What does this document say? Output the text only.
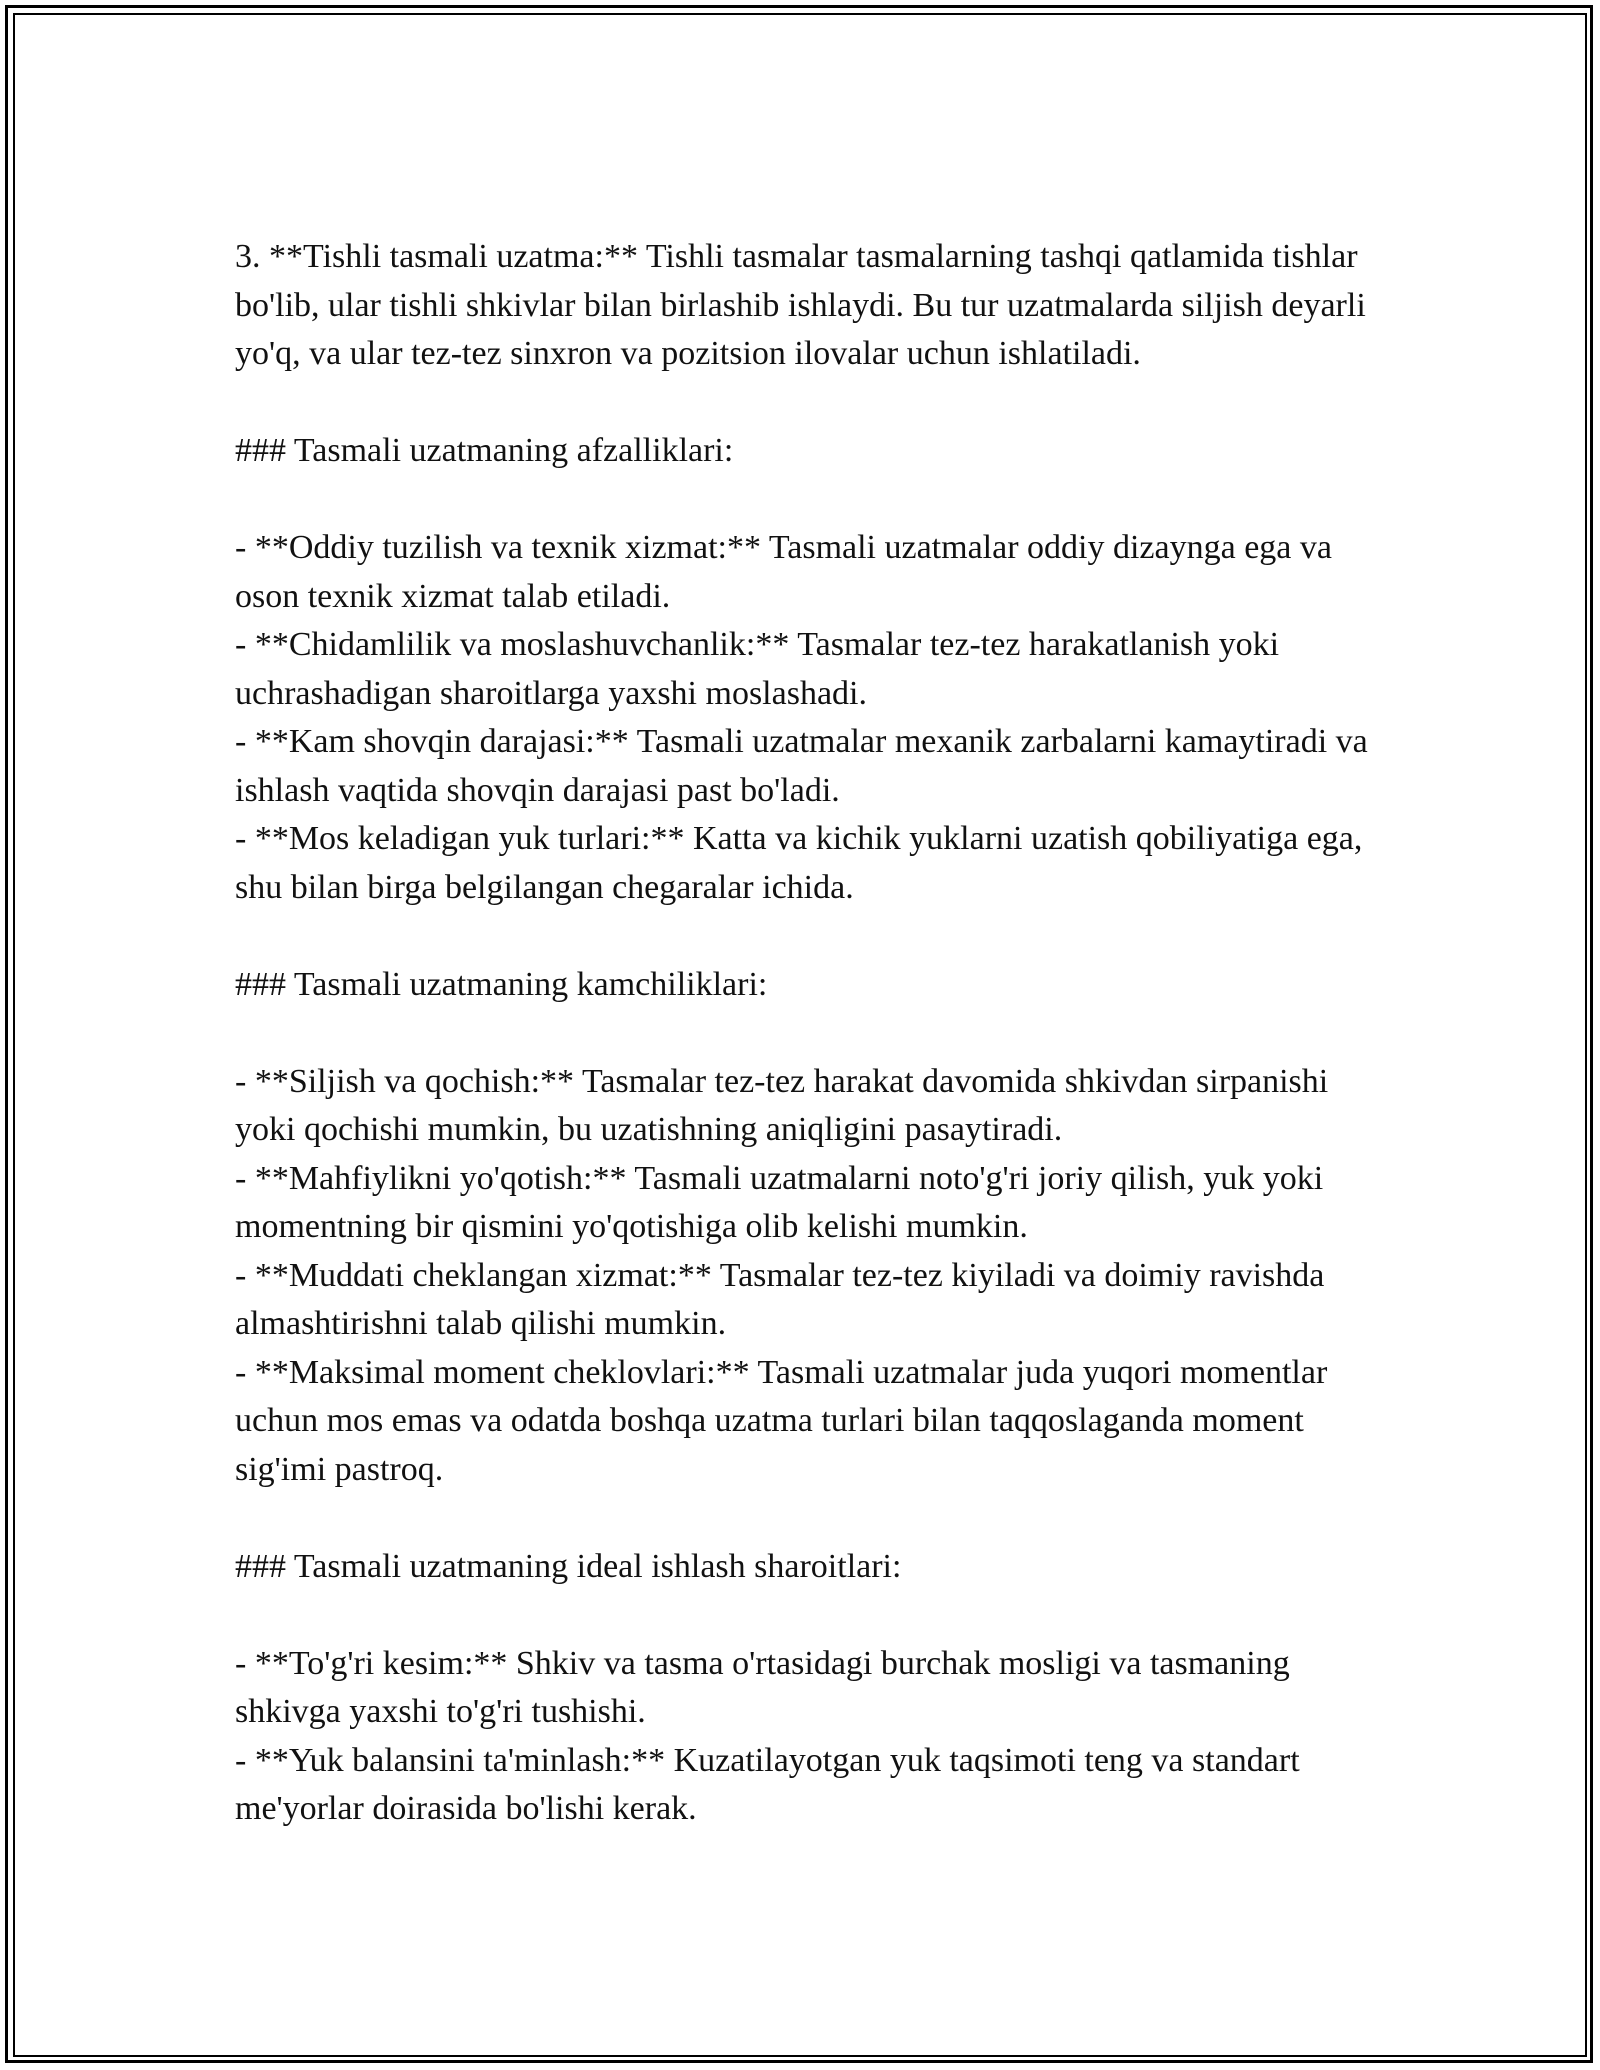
3. **Tishli tasmali uzatma:** Tishli tasmalar tasmalarning tashqi qatlamida tishlar bo'lib, ular tishli shkivlar bilan birlashib ishlaydi. Bu tur uzatmalarda siljish deyarli yo'q, va ular tez-tez sinxron va pozitsion ilovalar uchun ishlatiladi.

### Tasmali uzatmaning afzalliklari:

- **Oddiy tuzilish va texnik xizmat:** Tasmali uzatmalar oddiy dizaynga ega va oson texnik xizmat talab etiladi.

- **Chidamlilik va moslashuvchanlik:** Tasmalar tez-tez harakatlanish yoki uchrashadigan sharoitlarga yaxshi moslashadi.

- **Kam shovqin darajasi:** Tasmali uzatmalar mexanik zarbalarni kamaytiradi va ishlash vaqtida shovqin darajasi past bo'ladi.

- **Mos keladigan yuk turlari:** Katta va kichik yuklarni uzatish qobiliyatiga ega, shu bilan birga belgilangan chegaralar ichida.

### Tasmali uzatmaning kamchiliklari:

- **Siljish va qochish:** Tasmalar tez-tez harakat davomida shkivdan sirpanishi yoki qochishi mumkin, bu uzatishning aniqligini pasaytiradi.

- **Mahfiylikni yo'qotish:** Tasmali uzatmalarni noto'g'ri joriy qilish, yuk yoki momentning bir qismini yo'qotishiga olib kelishi mumkin.

- **Muddati cheklangan xizmat:** Tasmalar tez-tez kiyiladi va doimiy ravishda almashtirishni talab qilishi mumkin.

- **Maksimal moment cheklovlari:** Tasmali uzatmalar juda yuqori momentlar uchun mos emas va odatda boshqa uzatma turlari bilan taqqoslaganda moment sig'imi pastroq.

### Tasmali uzatmaning ideal ishlash sharoitlari:

- **To'g'ri kesim:** Shkiv va tasma o'rtasidagi burchak mosligi va tasmaning shkivga yaxshi to'g'ri tushishi.

- **Yuk balansini ta'minlash:** Kuzatilayotgan yuk taqsimoti teng va standart me'yorlar doirasida bo'lishi kerak.
